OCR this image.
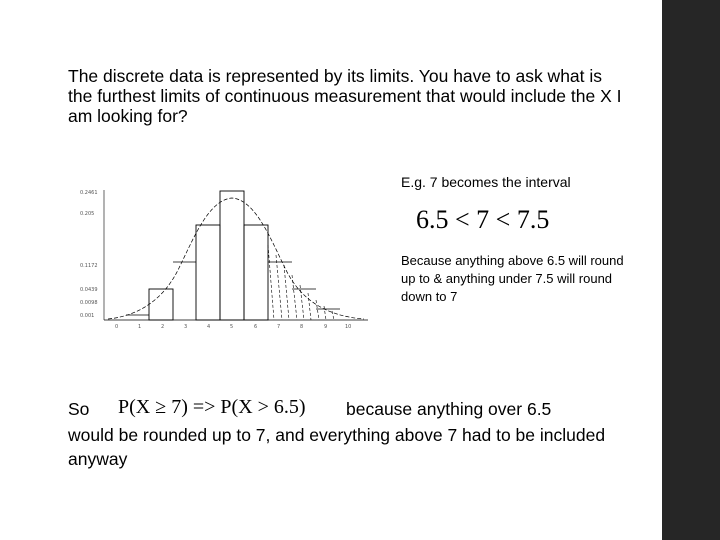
The discrete data is represented by its limits. You have to ask what is the furthest limits of continuous measurement that would include the X I am looking for?
E.g. 7 becomes the interval
6.5 < 7 < 7.5
Because anything above 6.5 will round up to & anything under 7.5 will round down to 7
0.2461
0.205
0.1172
0.0439
0.0098
0.001
0	1	2	3	4	5	6	7	8	9	10
So P(X ≥ 7) => P(X > 6.5) because anything over 6.5
would be rounded up to 7, and everything above 7 had to be included anyway
